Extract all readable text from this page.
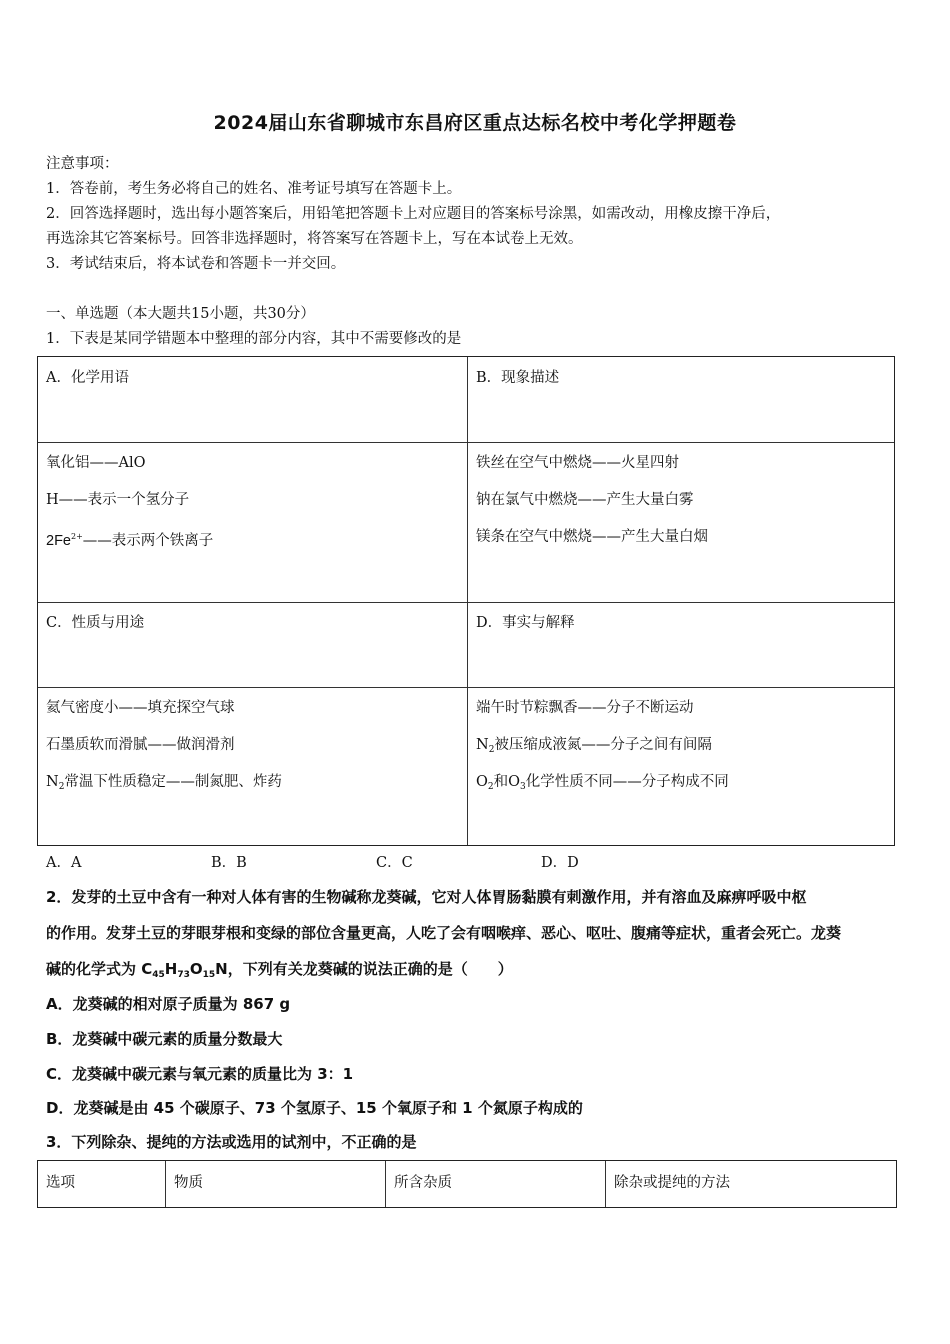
2024届山东省聊城市东昌府区重点达标名校中考化学押题卷
注意事项：
1．答卷前，考生务必将自己的姓名、准考证号填写在答题卡上。
2．回答选择题时，选出每小题答案后，用铅笔把答题卡上对应题目的答案标号涂黑，如需改动，用橡皮擦干净后，
再选涂其它答案标号。回答非选择题时，将答案写在答题卡上，写在本试卷上无效。
3．考试结束后，将本试卷和答题卡一并交回。
一、单选题（本大题共15小题，共30分）
1．下表是某同学错题本中整理的部分内容，其中不需要修改的是
A．化学用语	B．现象描述
氧化铝——AlO
H——表示一个氢分子
$2Fe^{2+}——$表示两个铁离子
铁丝在空气中燃烧——火星四射
钠在氯气中燃烧——产生大量白雾
镁条在空气中燃烧——产生大量白烟
C．性质与用途	D．事实与解释
氦气密度小——填充探空气球
石墨质软而滑腻——做润滑剂
$N_2$常温下性质稳定——制氮肥、炸药
端午时节粽飘香——分子不断运动
$N_2$被压缩成液氮——分子之间有间隔
$O_2$和$O_3$化学性质不同——分子构成不同
A．A	B．B	C．C	D．D
2．发芽的土豆中含有一种对人体有害的生物碱称龙葵碱，它对人体胃肠黏膜有刺激作用，并有溶血及麻痹呼吸中枢
的作用。发芽土豆的芽眼芽根和变绿的部位含量更高，人吃了会有咽喉痒、恶心、呕吐、腹痛等症状，重者会死亡。龙葵
碱的化学式为 $C_{45}H_{73}O_{15}N$，下列有关龙葵碱的说法正确的是（　　）
A．龙葵碱的相对原子质量为 867 g
B．龙葵碱中碳元素的质量分数最大
C．龙葵碱中碳元素与氧元素的质量比为 3：1
D．龙葵碱是由 45 个碳原子、73 个氢原子、15 个氧原子和 1 个氮原子构成的
3．下列除杂、提纯的方法或选用的试剂中，不正确的是
选项	物质	所含杂质	除杂或提纯的方法
